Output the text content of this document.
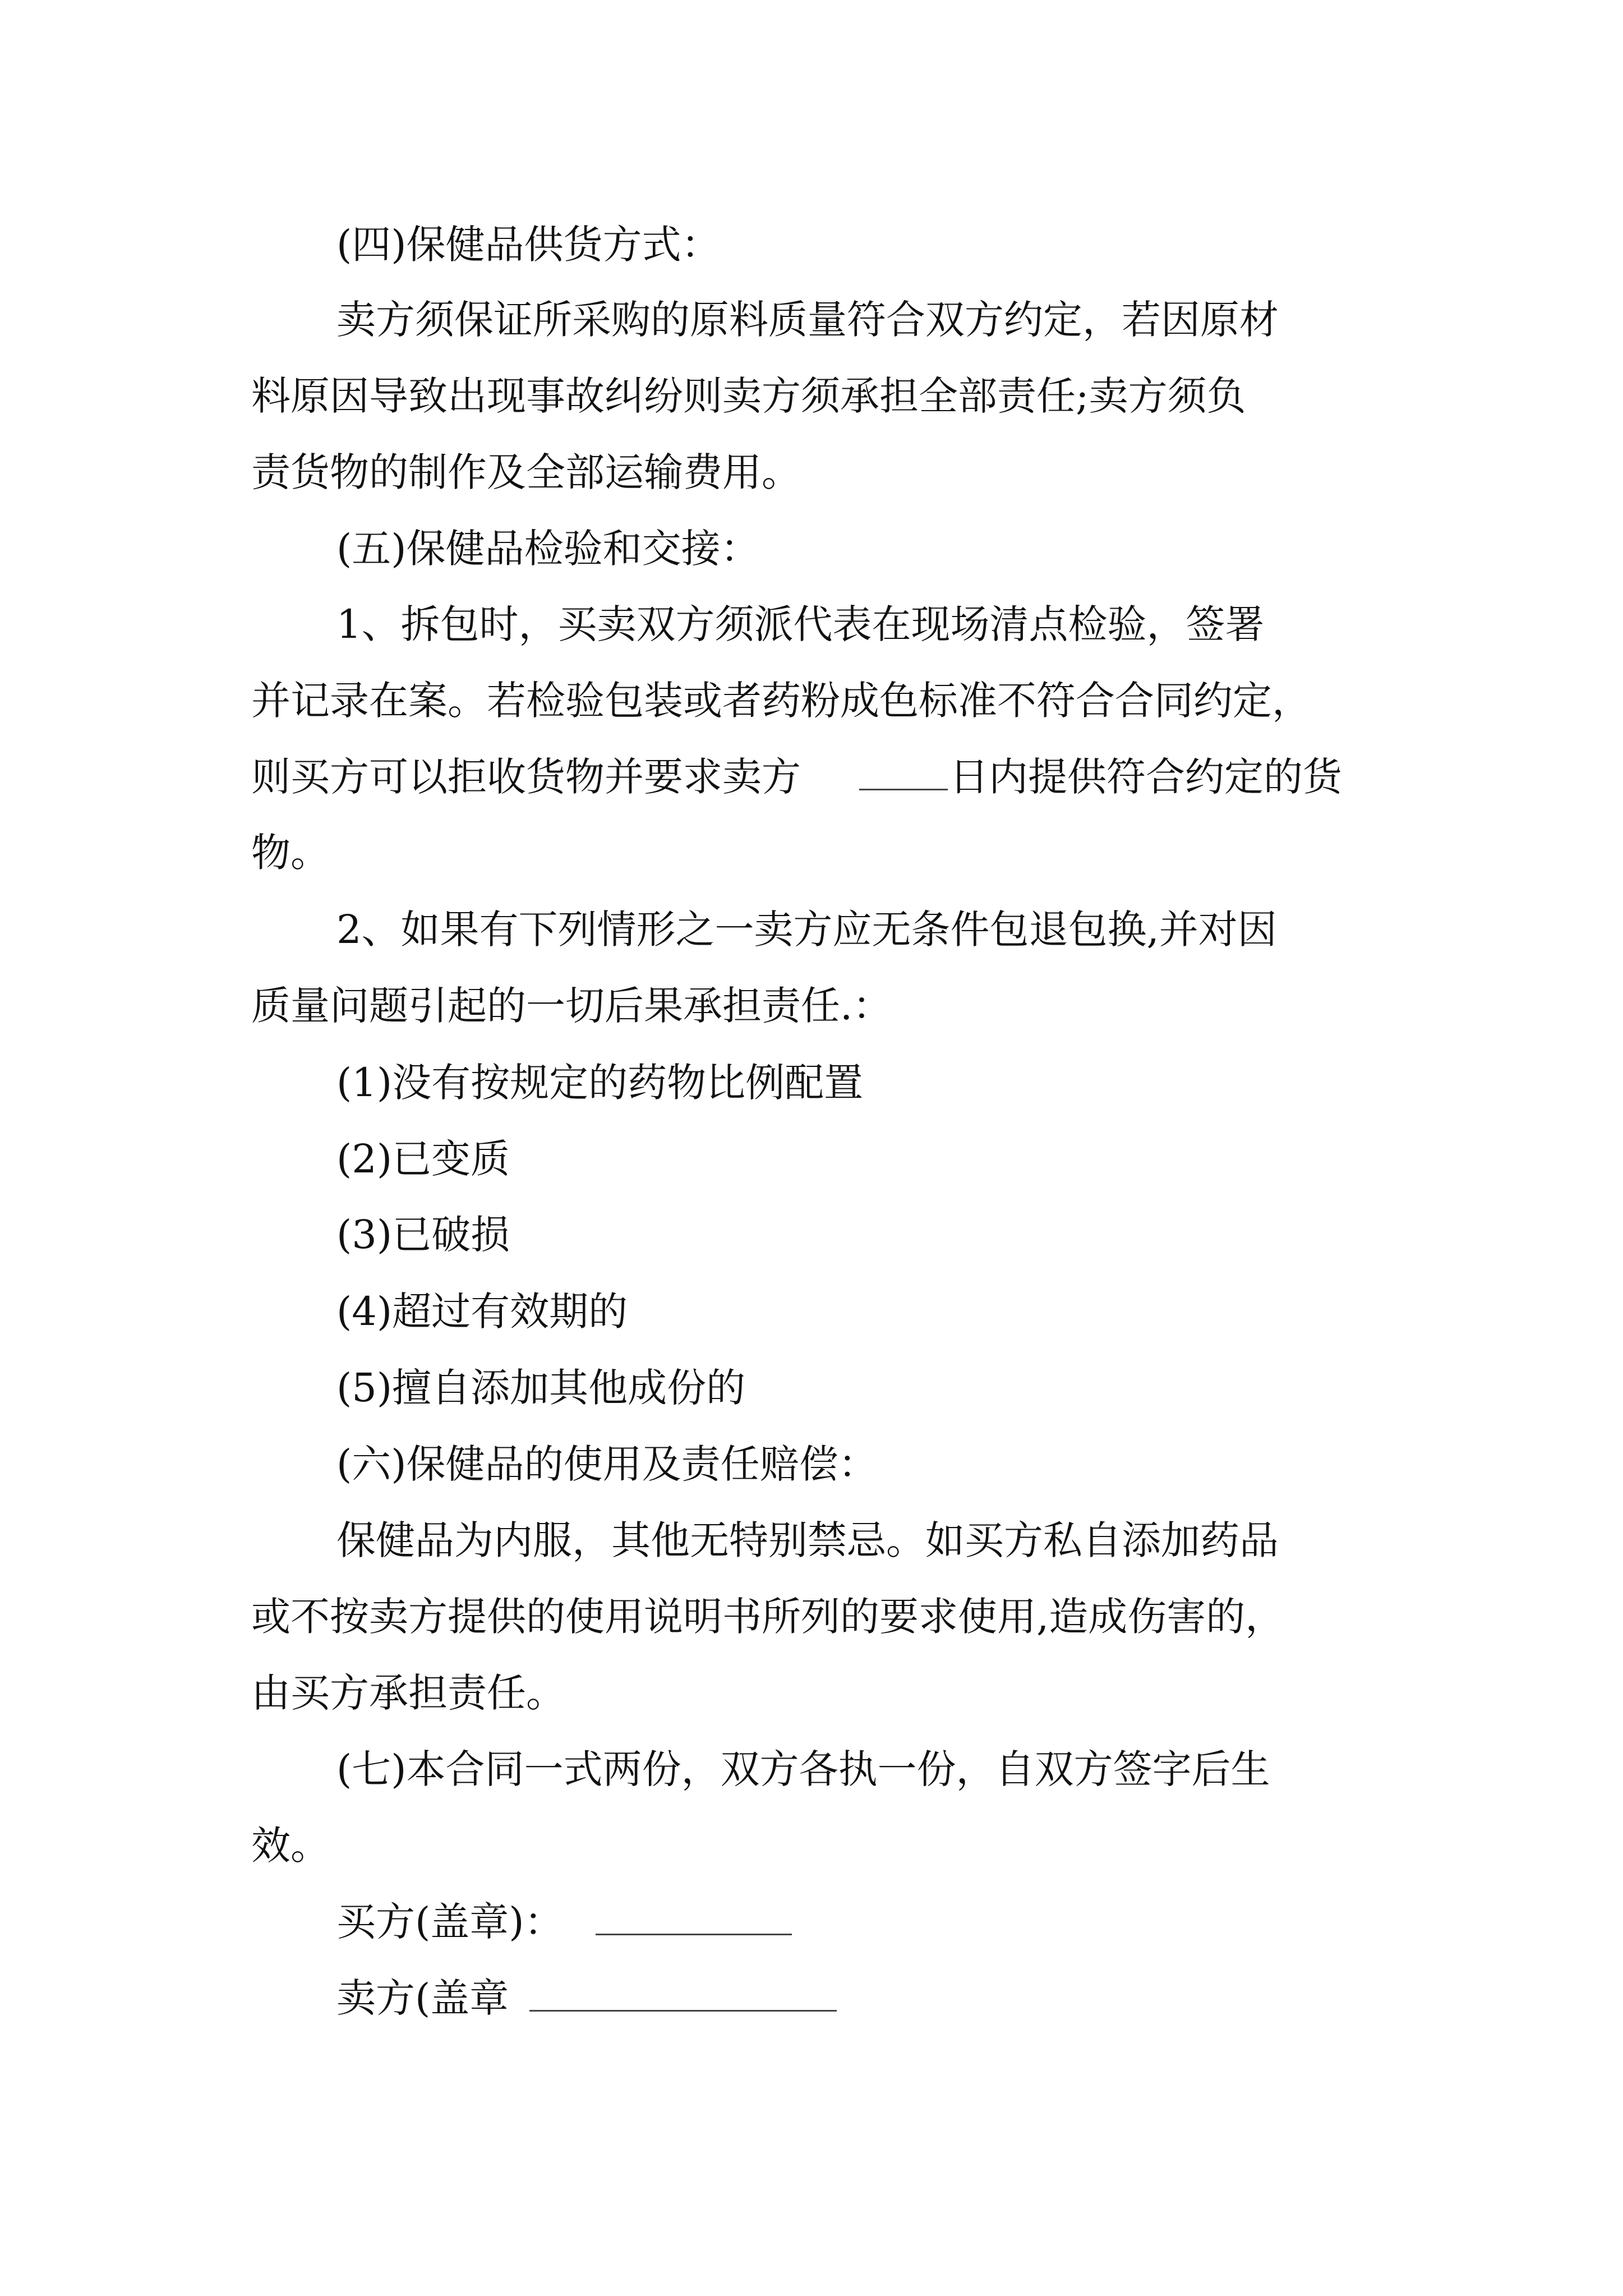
(四)保健品供货方式：
卖方须保证所采购的原料质量符合双方约定，若因原材
料原因导致出现事故纠纷则卖方须承担全部责任;卖方须负
责货物的制作及全部运输费用。
(五)保健品检验和交接：
1、拆包时，买卖双方须派代表在现场清点检验，签署
并记录在案。若检验包装或者药粉成色标准不符合合同约定，
则买方可以拒收货物并要求卖方	日内提供符合约定的货
物。
2、如果有下列情形之一卖方应无条件包退包换,并对因
质量问题引起的一切后果承担责任.：
(1)没有按规定的药物比例配置
(2)已变质
(3)已破损
(4)超过有效期的
(5)擅自添加其他成份的
(六)保健品的使用及责任赔偿：
保健品为内服，其他无特别禁忌。如买方私自添加药品
或不按卖方提供的使用说明书所列的要求使用,造成伤害的，
由买方承担责任。
(七)本合同一式两份，双方各执一份，自双方签字后生
效。
买方(盖章)：
卖方(盖章
